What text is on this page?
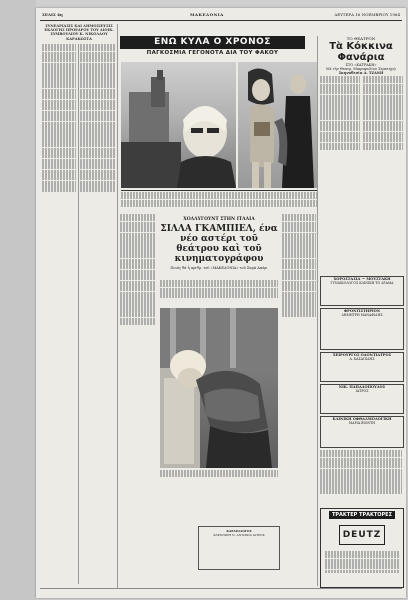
ΣΕΛΙΣ 4η	ΜΑΚΕΔΟΝΙΑ	ΔΕΥΤΕΡΑ 16 ΝΟΕΜΒΡΙΟΥ 1964
ΣΥΝΕΔΡΙΑΣΙΣ ΚΑΙ ΔΗΜΟΣΙΕΥΣΙΣ ΕΚΛΟΓΗΣ ΠΡΟΕΔΡΟΥ ΤΟΥ ΔΙΟΙΚ. ΣΥΜΒΟΥΛΙΟΥ Κ. ΝΙΚΟΛΑΟΥ ΚΑΡΑΚΩΣΤΑ	ΕΝΩ ΚΥΛΑ Ο ΧΡΟΝΟΣ
ΠΑΓΚΟΣΜΙΑ ΓΕΓΟΝΟΤΑ ΔΙΑ ΤΟΥ ΦΑΚΟΥ
ΧΟΛΛΥΓΟΥΝΤ ΣΤΗΝ ΙΤΑΛΙΑ
ΣΙΛΛΑ ΓΚΑΜΠΙΕΛ, ένα νέο αστέρι τοῦ θεάτρου καὶ τοῦ κινηματογράφου
Ποιός θά ἦ αριθμ. τοῦ «ΜΑΚΕΔΟΝΙΑ» τοῦ Σαρά Απόρι
ΤΟ ΘΕΑΤΡΟΝ
Τὰ Κόκκινα Φανάρια
ΣΤΟ «ΚΑΤΡΑΚΗ»
Μὲ τὴν Θεατρ. Μικροφυλίου Στρατηγῷ
Σκηνοθεσία Α. ΤΖΑΝΗ
ΧΟΡΟΣΤΑΣΙΑ — ΜΟΥΣΤΑΚΗ
ΓΥΝΑΙΚΟΛΟΓΟΣ ΚΛΙΝΙΚΗ ΤΟ ΔΡΑΜΑ
ΦΡΟΝΤΙΣΤΗΡΙΟΝ
ΔΗΜΗΤΡΗ ΜΑΝΑΦΙΔΗΣ
ΧΕΙΡΟΥΡΓΟΣ ΟΔΟΝΤΙΑΤΡΟΣ
Α. ΚΑΣΑΠΙΔΗΣ
ΝΙΚ. ΠΑΠΑΔΟΠΟΥΛΟΣ
ΙΑΤΡΟΣ
ΚΛΙΝΙΚΗ ΟΦΘΑΛΜΟΛΟΓΙΚΗ
ΜΑΡΙΑ ΒΙΟΝΤΗ
ΤΡΑΚΤΕΡ ΤΡΑΚΤΟΡΕΣ
DEUTZ
ΚΑΡΔΙΟΛΟΓΟΣ
ΚΛΕΟΝΙΚΗ Ν. ΑΝΤΩΝΙΑ ΙΑΤΡΟΣ
